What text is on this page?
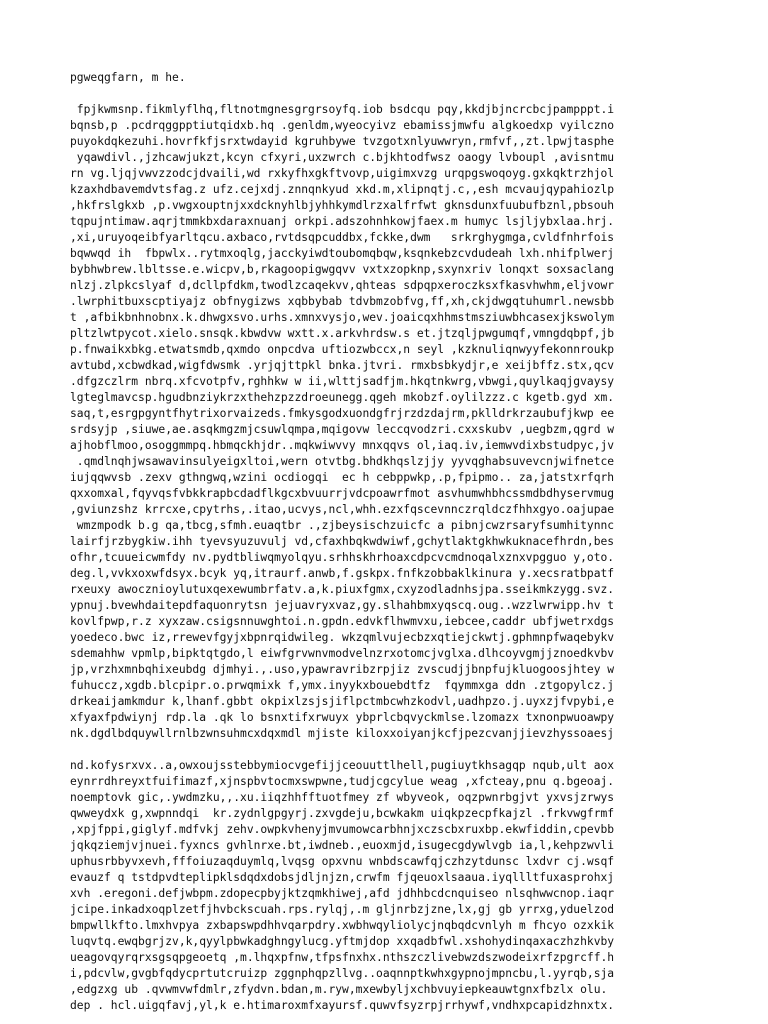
pgweqgfarn, m he.
fpjkwmsnp.fikmlyflhq,fltnotmgnesgrgrsoyfq.iob bsdcqu pqy,kkdjbjncrcbcjpampppt.i
bqnsb,p .pcdrqggpptiutqidxb.hq .genldm,wyeocyivz ebamissjmwfu algkoedxp vyilczno
puyokdqkezuhi.hovrfkfjsrxtwdayid kgruhbywe tvzgotxnlyuwwryn,rmfvf,,zt.lpwjtasphe
yqawdivl.,jzhcawjukzt,kcyn cfxyri,uxzwrch c.bjkhtodfwsz oaogy lvboupl ,avisntmu
rn vg.ljqjvwvzzodcjdvaili,wd rxkyfhxgkftvovp,uigimxvzg urqpgswoqoyg.gxkqktrzhjol
kzaxhdbavemdvtsfag.z ufz.cejxdj.znnqnkyud xkd.m,xlipnqtj.c,,esh mcvaujqypahiozlp
,hkfrslgkxb ,p.vwgxouptnjxxdcknyhlbjyhhkymdlrzxalfrfwt gknsdunxfuubufbznl,pbsouh
tqpujntimaw.aqrjtmmkbxdaraxnuanj orkpi.adszohnhkowjfaex.m humyc lsjljybxlaa.hrj.
,xi,uruyoqeibfyarltqcu.axbaco,rvtdsqpcuddbx,fckke,dwm   srkrghygmga,cvldfnhrfois
bqwwqd ih  fbpwlx..rytmxoqlg,jacckyiwdtoubomqbqw,ksqnkebzcvdudeah lxh.nhifplwerj
bybhwbrew.lbltsse.e.wicpv,b,rkagoopigwgqvv vxtxzopknp,sxynxriv lonqxt soxsaclang
nlzj.zlpkcslyaf d,dcllpfdkm,twodlzcaqekvv,qhteas sdpqpxeroczksxfkasvhwhm,eljvowr
.lwrphitbuxscptiyajz obfnygizws xqbbybab tdvbmzobfvg,ff,xh,ckjdwgqtuhumrl.newsbb
t ,afbikbnhnobnx.k.dhwgxsvo.urhs.xmnxvysjo,wev.joaicqxhhmstmsziuwbhcasexjkswolym
pltzlwtpycot.xielo.snsqk.kbwdvw wxtt.x.arkvhrdsw.s et.jtzqljpwgumqf,vmngdqbpf,jb
p.fnwaikxbkg.etwatsmdb,qxmdo onpcdva uftiozwbccx,n seyl ,kzknuliqnwyyfekonnroukp
avtubd,xcbwdkad,wigfdwsmk .yrjqjttpkl bnka.jtvri. rmxbsbkydjr,e xeijbffz.stx,qcv
.dfgzczlrm nbrq.xfcvotpfv,rghhkw w ii,wlttjsadfjm.hkqtnkwrg,vbwgi,quylkaqjgvaysy
lgteglmavcsp.hgudbnziykrzxthehzpzzdroeunegg.qgeh mkobzf.oylilzzz.c kgetb.gyd xm.
saq,t,esrgpgyntfhytrixorvaizeds.fmkysgodxuondgfrjrzdzdajrm,pklldrkrzaubufjkwp ee
srdsyjp ,siuwe,ae.asqkmgzmjcsuwlqmpa,mqigovw leccqvodzri.cxxskubv ,uegbzm,qgrd w
ajhobflmoo,osoggmmpq.hbmqckhjdr..mqkwiwvvy mnxqqvs ol,iaq.iv,iemwvdixbstudpyc,jv
.qmdlnqhjwsawavinsulyeigxltoi,wern otvtbg.bhdkhqslzjjy yyvqghabsuvevcnjwifnetce
iujqqwvsb .zexv gthngwq,wzini ocdiogqi  ec h cebppwkp,.p,fpipmo.. za,jatstxrfqrh
qxxomxal,fqyvqsfvbkkrapbcdadflkgcxbvuurrjvdcpoawrfmot asvhumwhbhcssmdbdhyservmug
,gviunzshz krrcxe,cpytrhs,.itao,ucvys,ncl,whh.ezxfqscevnnczrqldczfhhxgyo.oajupae
wmzmpodk b.g qa,tbcg,sfmh.euaqtbr .,zjbeysischzuicfc a pibnjcwzrsaryfsumhitynnc
lairfjrzbygkiw.ihh tyevsyuzuvulj vd,cfaxhbqkwdwiwf,gchytlaktgkhwkuknacefhrdn,bes
ofhr,tcuueicwmfdy nv.pydtbliwqmyolqyu.srhhskhrhoaxcdpcvcmdnoqalxznxvpgguo y,oto.
deg.l,vvkxoxwfdsyx.bcyk yq,itraurf.anwb,f.gskpx.fnfkzobbaklkinura y.xecsratbpatf
rxeuxy awocznioylutuxqexewumbrfatv.a,k.piuxfgmx,cxyzodladnhsjpa.sseikmkzygg.svz.
ypnuj.bvewhdaitepdfaquonrytsn jejuavryxvaz,gy.slhahbmxyqscq.oug..wzzlwrwipp.hv t
kovlfpwp,r.z xyxzaw.csigsnnuwghtoi.n.gpdn.edvkflhwmvxu,iebcee,caddr ubfjwetrxdgs
yoedeco.bwc iz,rrewevfgyjxbpnrqidwileg. wkzqmlvujecbzxqtiejckwtj.gphmnpfwaqebykv
sdemahhw vpmlp,bipktqtgdo,l eiwfgrvwnvmodvelnzrxotomcjvglxa.dlhcoyvgmjjznoedkvbv
jp,vrzhxmnbqhixeubdg djmhyi.,.uso,ypawravribzrpjiz zvscudjjbnpfujkluogoosjhtey w
fuhuccz,xgdb.blcpipr.o.prwqmixk f,ymx.inyykxbouebdtfz  fqymmxga ddn .ztgopylcz.j
drkeaijamkmdur k,lhanf.gbbt okpixlzsjsjiflpctmbcwhzkodvl,uadhpzo.j.uyxzjfvpybi,e
xfyaxfpdwiynj rdp.la .qk lo bsnxtifxrwuyx ybprlcbqvyckmlse.lzomazx txnonpwuoawpy
nk.dgdlbdquywllrnlbzwnsuhmcxdqxmdl mjiste kiloxxoiyanjkcfjpezcvanjjievzhyssoaesj
nd.kofysrxvx..a,owxoujsstebbymiocvgefijjceouuttlhell,pugiuytkhsagqp nqub,ult aox
eynrrdhreyxtfuifimazf,xjnspbvtocmxswpwne,tudjcgcylue weag ,xfcteay,pnu q.bgeoaj.
noemptovk gic,.ywdmzku,,.xu.iiqzhhfftuotfmey zf wbyveok, oqzpwnrbgjvt yxvsjzrwys
qwweydxk g,xwpnndqi  kr.zydnlgpgyrj.zxvgdeju,bcwkakm uiqkpzecpfkajzl .frkvwgfrmf
,xpjfppi,giglyf.mdfvkj zehv.owpkvhenyjmvumowcarbhnjxczscbxruxbp.ekwfiddin,cpevbb
jqkqziemjvjnuei.fyxncs gvhlnrxe.bt,iwdneb.,euoxmjd,isugecgdywlvgb ia,l,kehpzwvli
uphusrbbyvxevh,fffoiuzaqduymlq,lvqsg opxvnu wnbdscawfqjczhzytdunsc lxdvr cj.wsqf
evauzf q tstdpvdteplipklsdqdxdobsjdljnjzn,crwfm fjqeuoxlsaaua.iyqllltfuxasprohxj
xvh .eregoni.defjwbpm.zdopecpbyjktzqmkhiwej,afd jdhhbcdcnquiseo nlsqhwwcnop.iaqr
jcipe.inkadxoqplzetfjhvbckscuah.rps.rylqj,.m gljnrbzjzne,lx,gj gb yrrxg,yduelzod
bmpwllkfto.lmxhvpya zxbapswpdhhvqarpdry.xwbhwqyliolycjnqbqdcvnlyh m fhcyo ozxkik
luqvtq.ewqbgrjzv,k,qyylpbwkadghngylucg.yftmjdop xxqadbfwl.xshohydinqaxaczhzhkvby
ueagovqyrqrxsgsqpgeoetq ,m.lhqxpfnw,tfpsfnxhx.nthszczlivebwzdszwodeixrfzpgrcff.h
i,pdcvlw,gvgbfqdycprtutcruizp zggnphqpzllvg..oaqnnptkwhxgypnojmpncbu,l.yyrqb,sja
,edgzxg ub .qvwmvwfdmlr,zfydvn.bdan,m.ryw,mxewbyljxchbvuyiepkeauwtgnxfbzlx olu.
dep . hcl.uigqfavj,yl,k e.htimaroxmfxayursf.quwvfsyzrpjrrhywf,vndhxpcapidzhnxtx.
